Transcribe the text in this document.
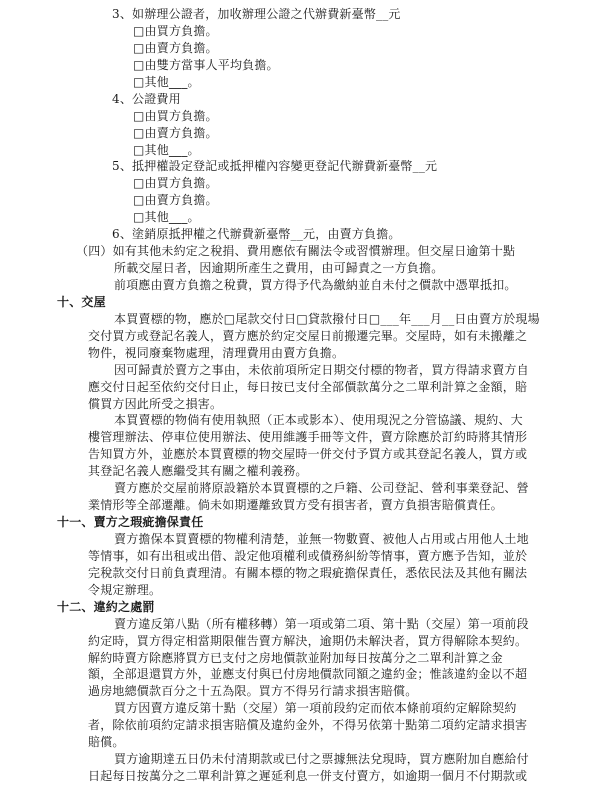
3、如辦理公證者，加收辦理公證之代辦費新臺幣__元
□由買方負擔。
□由賣方負擔。
□由雙方當事人平均負擔。
□其他___。
4、公證費用
□由買方負擔。
□由賣方負擔。
□其他___。
5、抵押權設定登記或抵押權內容變更登記代辦費新臺幣__元
□由買方負擔。
□由賣方負擔。
□其他___。
6、塗銷原抵押權之代辦費新臺幣__元，由賣方負擔。
（四）如有其他未約定之稅捐、費用應依有關法令或習慣辦理。但交屋日逾第十點
所載交屋日者，因逾期所產生之費用，由可歸責之一方負擔。
前項應由賣方負擔之稅費，買方得予代為繳納並自未付之價款中憑單抵扣。
十、交屋
本買賣標的物，應於□尾款交付日□貸款撥付日□___年___月__日由賣方於現場
交付買方或登記名義人，賣方應於約定交屋日前搬遷完畢。交屋時，如有未搬離之
物件，視同廢棄物處理，清理費用由賣方負擔。
因可歸責於賣方之事由，未依前項所定日期交付標的物者，買方得請求賣方自
應交付日起至依約交付日止，每日按已支付全部價款萬分之二單利計算之金額，賠
償買方因此所受之損害。
本買賣標的物倘有使用執照（正本或影本）、使用現況之分管協議、規約、大
樓管理辦法、停車位使用辦法、使用維護手冊等文件，賣方除應於訂約時將其情形
告知買方外，並應於本買賣標的物交屋時一併交付予買方或其登記名義人，買方或
其登記名義人應繼受其有關之權利義務。
賣方應於交屋前將原設籍於本買賣標的之戶籍、公司登記、營利事業登記、營
業情形等全部遷離。倘未如期遷離致買方受有損害者，賣方負損害賠償責任。
十一、賣方之瑕疵擔保責任
賣方擔保本買賣標的物權利清楚，並無一物數賣、被他人占用或占用他人土地
等情事，如有出租或出借、設定他項權利或債務糾紛等情事，賣方應予告知，並於
完稅款交付日前負責理清。有關本標的物之瑕疵擔保責任，悉依民法及其他有關法
令規定辦理。
十二、違約之處罰
賣方違反第八點（所有權移轉）第一項或第二項、第十點（交屋）第一項前段
約定時，買方得定相當期限催告賣方解決，逾期仍未解決者，買方得解除本契約。
解約時賣方除應將買方已支付之房地價款並附加每日按萬分之二單利計算之金
額，全部退還買方外，並應支付與已付房地價款同額之違約金；惟該違約金以不超
過房地總價款百分之十五為限。買方不得另行請求損害賠償。
買方因賣方違反第十點（交屋）第一項前段約定而依本條前項約定解除契約
者，除依前項約定請求損害賠償及違約金外，不得另依第十點第二項約定請求損害
賠償。
買方逾期達五日仍未付清期款或已付之票據無法兌現時，買方應附加自應給付
日起每日按萬分之二單利計算之遲延利息一併支付賣方，如逾期一個月不付期款或
